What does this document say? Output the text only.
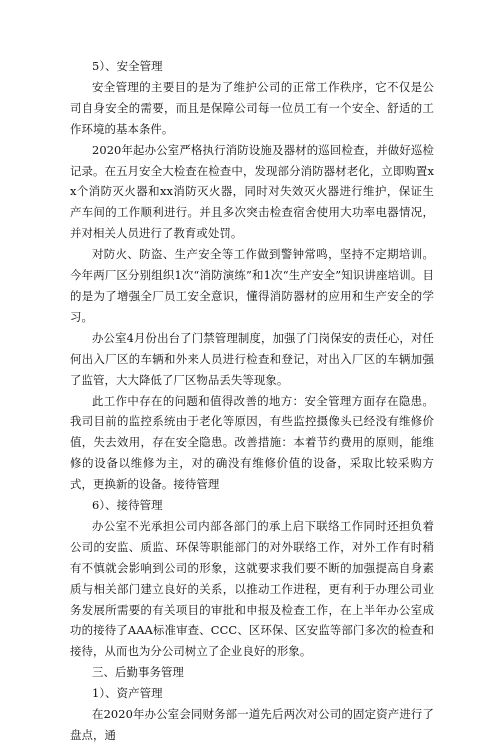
5）、安全管理

安全管理的主要目的是为了维护公司的正常工作秩序，它不仅是公司自身安全的需要，而且是保障公司每一位员工有一个安全、舒适的工作环境的基本条件。

2020年起办公室严格执行消防设施及器材的巡回检查，并做好巡检记录。在五月安全大检查在检查中，发现部分消防器材老化，立即购置xx个消防灭火器和xx消防灭火器，同时对失效灭火器进行维护，保证生产车间的工作顺利进行。并且多次突击检查宿舍使用大功率电器情况，并对相关人员进行了教育或处罚。

对防火、防盗、生产安全等工作做到警钟常鸣，坚持不定期培训。今年两厂区分别组织1次“消防演练”和1次“生产安全”知识讲座培训。目的是为了增强全厂员工安全意识，懂得消防器材的应用和生产安全的学习。

办公室4月份出台了门禁管理制度，加强了门岗保安的责任心，对任何出入厂区的车辆和外来人员进行检查和登记，对出入厂区的车辆加强了监管，大大降低了厂区物品丢失等现象。

此工作中存在的问题和值得改善的地方：安全管理方面存在隐患。我司目前的监控系统由于老化等原因，有些监控摄像头已经没有维修价值，失去效用，存在安全隐患。改善措施：本着节约费用的原则，能维修的设备以维修为主，对的确没有维修价值的设备，采取比较采购方式，更换新的设备。接待管理

6）、接待管理

办公室不光承担公司内部各部门的承上启下联络工作同时还担负着公司的安监、质监、环保等职能部门的对外联络工作，对外工作有时稍有不慎就会影响到公司的形象，这就要求我们要不断的加强提高自身素质与相关部门建立良好的关系，以推动工作进程，更有利于办理公司业务发展所需要的有关项目的审批和申报及检查工作，在上半年办公室成功的接待了AAA标准审查、CCC、区环保、区安监等部门多次的检查和接待，从而也为分公司树立了企业良好的形象。

三、后勤事务管理

1）、资产管理

在2020年办公室会同财务部一道先后两次对公司的固定资产进行了盘点，通
